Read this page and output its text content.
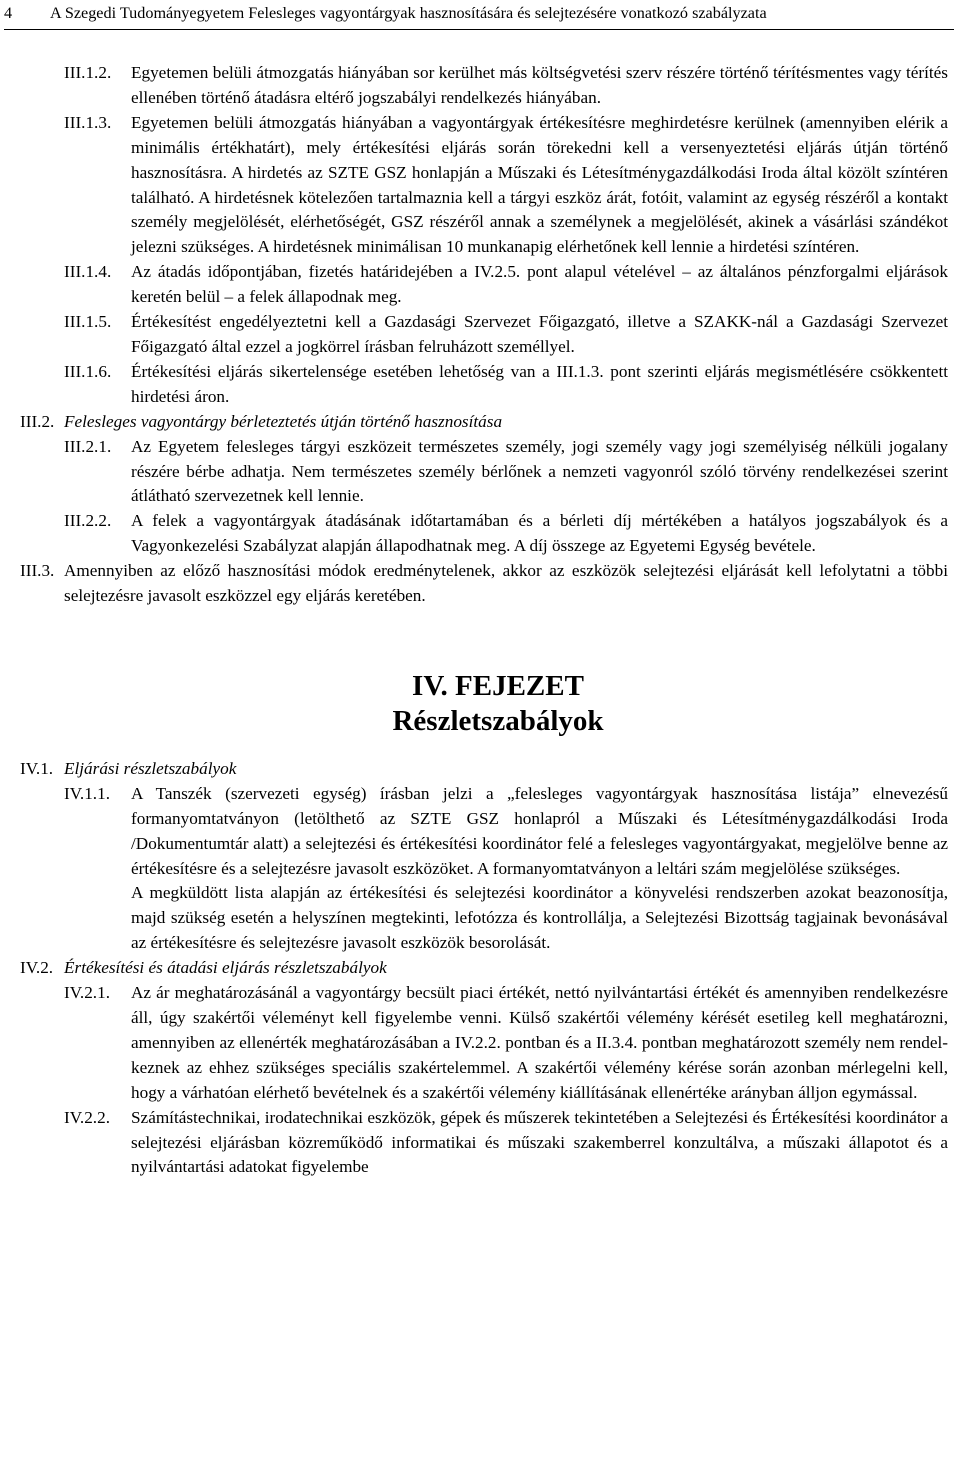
4 A Szegedi Tudományegyetem Felesleges vagyontárgyak hasznosítására és selejtezésére vonatkozó szabályzata
III.1.2.	Egyetemen belüli átmozgatás hiányában sor kerülhet más költségvetési szerv részére történő térítésmentes vagy térítés ellenében történő átadásra eltérő jogszabályi rendelkezés hiányában.
III.1.3.	Egyetemen belüli átmozgatás hiányában a vagyontárgyak értékesítésre meghirdetésre kerülnek (amennyiben elérik a minimális értékhatárt), mely értékesítési eljárás során törekedni kell a versenyeztetési eljárás útján történő hasznosításra. A hirdetés az SZTE GSZ honlapján a Műszaki és Létesítménygazdálkodási Iroda által közölt színtéren található. A hirdetésnek kötelezően tartalmaznia kell a tárgyi eszköz árát, fotóit, valamint az egység részéről a kontakt személy megjelölését, elérhetőségét, GSZ részéről annak a személynek a megjelölését, akinek a vásárlási szándékot jelezni szükséges. A hirdetésnek minimálisan 10 munkanapig elérhetőnek kell lennie a hirdetési színtéren.
III.1.4.	Az átadás időpontjában, fizetés határidejében a IV.2.5. pont alapul vételével – az általános pénzforgalmi eljárások keretén belül – a felek állapodnak meg.
III.1.5.	Értékesítést engedélyeztetni kell a Gazdasági Szervezet Főigazgató, illetve a SZAKK-nál a Gazdasági Szervezet Főigazgató által ezzel a jogkörrel írásban felruházott személlyel.
III.1.6.	Értékesítési eljárás sikertelensége esetében lehetőség van a III.1.3. pont szerinti eljárás megismétlésére csökkentett hirdetési áron.
III.2. Felesleges vagyontárgy bérleteztetés útján történő hasznosítása
III.2.1.	Az Egyetem felesleges tárgyi eszközeit természetes személy, jogi személy vagy jogi személyiség nélküli jogalany részére bérbe adhatja. Nem természetes személy bérlőnek a nemzeti vagyonról szóló törvény rendelkezései szerint átlátható szervezetnek kell lennie.
III.2.2.	A felek a vagyontárgyak átadásának időtartamában és a bérleti díj mértékében a hatályos jogszabályok és a Vagyonkezelési Szabályzat alapján állapodhatnak meg. A díj összege az Egyetemi Egység bevétele.
III.3. Amennyiben az előző hasznosítási módok eredménytelenek, akkor az eszközök selejtezési eljárását kell lefolytatni a többi selejtezésre javasolt eszközzel egy eljárás keretében.
IV. FEJEZET
Részletszabályok
IV.1. Eljárási részletszabályok
IV.1.1.	A Tanszék (szervezeti egység) írásban jelzi a „felesleges vagyontárgyak hasznosítása listája” elnevezésű formanyomtatványon (letölthető az SZTE GSZ honlapról a Műszaki és Létesítménygazdálkodási Iroda /Dokumentumtár alatt) a selejtezési és értékesítési koordinátor felé a felesleges vagyontárgyakat, megjelölve benne az értékesítésre és a selejtezésre javasolt eszközöket. A formanyomtatványon a leltári szám megjelölése szükséges.
A megküldött lista alapján az értékesítési és selejtezési koordinátor a könyvelési rendszerben azokat beazonosítja, majd szükség esetén a helyszínen megtekinti, lefotózza és kontrollálja, a Selejtezési Bizottság tagjainak bevonásával az értékesítésre és selejtezésre javasolt eszközök besorolását.
IV.2. Értékesítési és átadási eljárás részletszabályok
IV.2.1.	Az ár meghatározásánál a vagyontárgy becsült piaci értékét, nettó nyilvántartási értékét és amennyiben rendelkezésre áll, úgy szakértői véleményt kell figyelembe venni. Külső szakértői vélemény kérését esetileg kell meghatározni, amennyiben az ellenérték meghatározásában a IV.2.2. pontban és a II.3.4. pontban meghatározott személy nem rendelkeznek az ehhez szükséges speciális szakértelemmel. A szakértői vélemény kérése során azonban mérlegelni kell, hogy a várhatóan elérhető bevételnek és a szakértői vélemény kiállításának ellenértéke arányban álljon egymással.
IV.2.2.	Számítástechnikai, irodatechnikai eszközök, gépek és műszerek tekintetében a Selejtezési és Értékesítési koordinátor a selejtezési eljárásban közreműködő informatikai és műszaki szakemberrel konzultálva, a műszaki állapotot és a nyilvántartási adatokat figyelembe
